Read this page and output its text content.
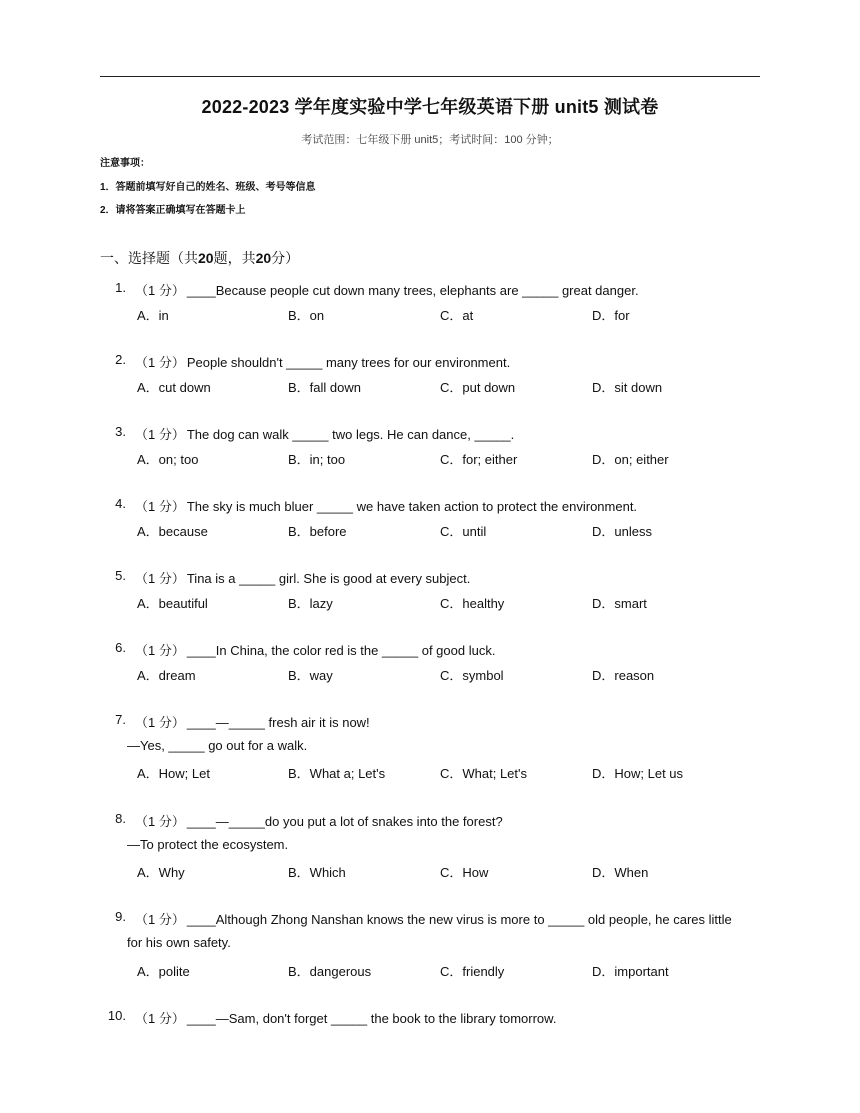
2022-2023 学年度实验中学七年级英语下册 unit5 测试卷
考试范围：七年级下册 unit5；考试时间：100 分钟；
注意事项：
1．答题前填写好自己的姓名、班级、考号等信息
2．请将答案正确填写在答题卡上
一、选择题（共20题，共20分）
1. （1 分） ____Because people cut down many trees, elephants are _____ great danger.
A．in	B．on	C．at	D．for
2. （1 分） People shouldn't _____ many trees for our environment.
A．cut down	B．fall down	C．put down	D．sit down
3. （1 分） The dog can walk _____ two legs. He can dance, _____.
A．on; too	B．in; too	C．for; either	D．on; either
4. （1 分） The sky is much bluer _____ we have taken action to protect the environment.
A．because	B．before	C．until	D．unless
5. （1 分） Tina is a _____ girl. She is good at every subject.
A．beautiful	B．lazy	C．healthy	D．smart
6. （1 分） ____In China, the color red is the _____ of good luck.
A．dream	B．way	C．symbol	D．reason
7. （1 分） ____—_____ fresh air it is now!
—Yes, _____ go out for a walk.
A．How; Let	B．What a; Let's	C．What; Let's	D．How; Let us
8. （1 分） ____—_____do you put a lot of snakes into the forest?
—To protect the ecosystem.
A．Why	B．Which	C．How	D．When
9. （1 分） ____Although Zhong Nanshan knows the new virus is more to _____ old people, he cares little
for his own safety.
A．polite	B．dangerous	C．friendly	D．important
10. （1 分） ____—Sam, don't forget _____ the book to the library tomorrow.
